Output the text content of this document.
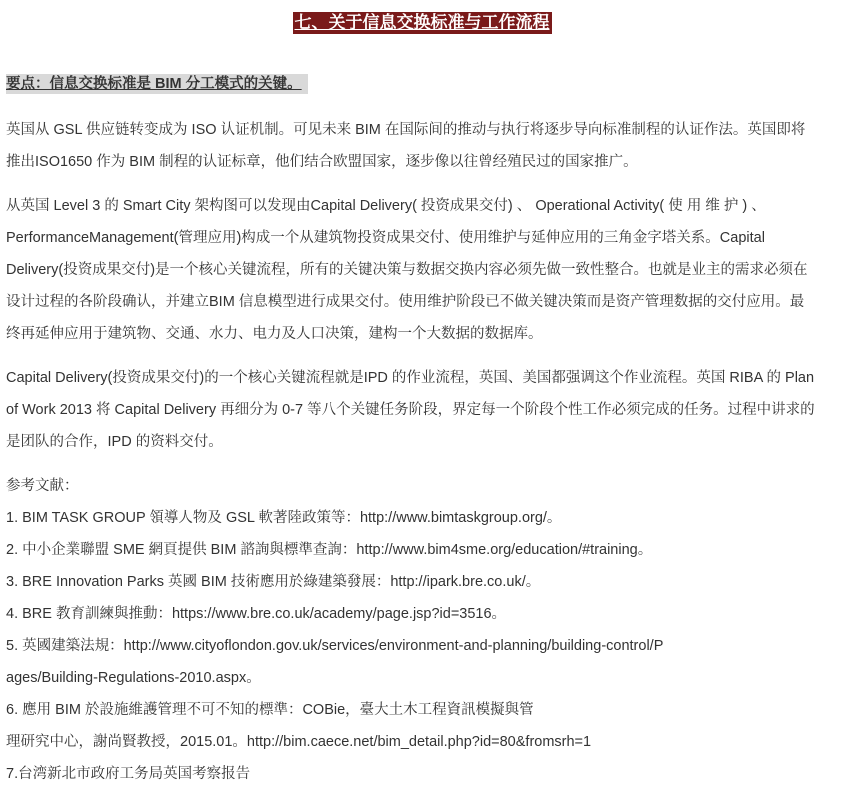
七、关于信息交换标准与工作流程
要点：信息交换标准是 BIM 分工模式的关键。

英国从 GSL 供应链转变成为 ISO 认证机制。可见未来 BIM 在国际间的推动与执行将逐步导向标准制程的认证作法。英国即将

推出ISO1650 作为 BIM 制程的认证标章，他们结合欧盟国家，逐步像以往曾经殖民过的国家推广。

从英国 Level 3 的 Smart City 架构图可以发现由Capital Delivery( 投资成果交付) 、 Operational Activity( 使 用 维 护 ) 、

PerformanceManagement(管理应用)构成一个从建筑物投资成果交付、使用维护与延伸应用的三角金字塔关系。Capital

Delivery(投资成果交付)是一个核心关键流程，所有的关键决策与数据交换内容必须先做一致性整合。也就是业主的需求必须在

设计过程的各阶段确认，并建立BIM 信息模型进行成果交付。使用维护阶段已不做关键决策而是资产管理数据的交付应用。最

终再延伸应用于建筑物、交通、水力、电力及人口决策，建构一个大数据的数据库。

Capital Delivery(投资成果交付)的一个核心关键流程就是IPD 的作业流程，英国、美国都强调这个作业流程。英国 RIBA 的 Plan

of Work 2013 将 Capital Delivery 再细分为 0-7 等八个关键任务阶段，界定每一个阶段个性工作必须完成的任务。过程中讲求的

是团队的合作，IPD 的资料交付。

参考文献：

1. BIM TASK GROUP 領導人物及 GSL 軟著陸政策等：http://www.bimtaskgroup.org/。

2. 中小企業聯盟 SME 網頁提供 BIM 諮詢與標準查詢：http://www.bim4sme.org/education/#training。

3. BRE Innovation Parks 英國 BIM 技術應用於綠建築發展：http://ipark.bre.co.uk/。

4. BRE 教育訓練與推動：https://www.bre.co.uk/academy/page.jsp?id=3516。

5. 英國建築法規：http://www.cityoflondon.gov.uk/services/environment-and-planning/building-control/P

ages/Building-Regulations-2010.aspx。

6. 應用 BIM 於設施維護管理不可不知的標準：COBie，臺大土木工程資訊模擬與管

理研究中心，謝尚賢教授，2015.01。http://bim.caece.net/bim_detail.php?id=80&fromsrh=1

7.台湾新北市政府工务局英国考察报告
